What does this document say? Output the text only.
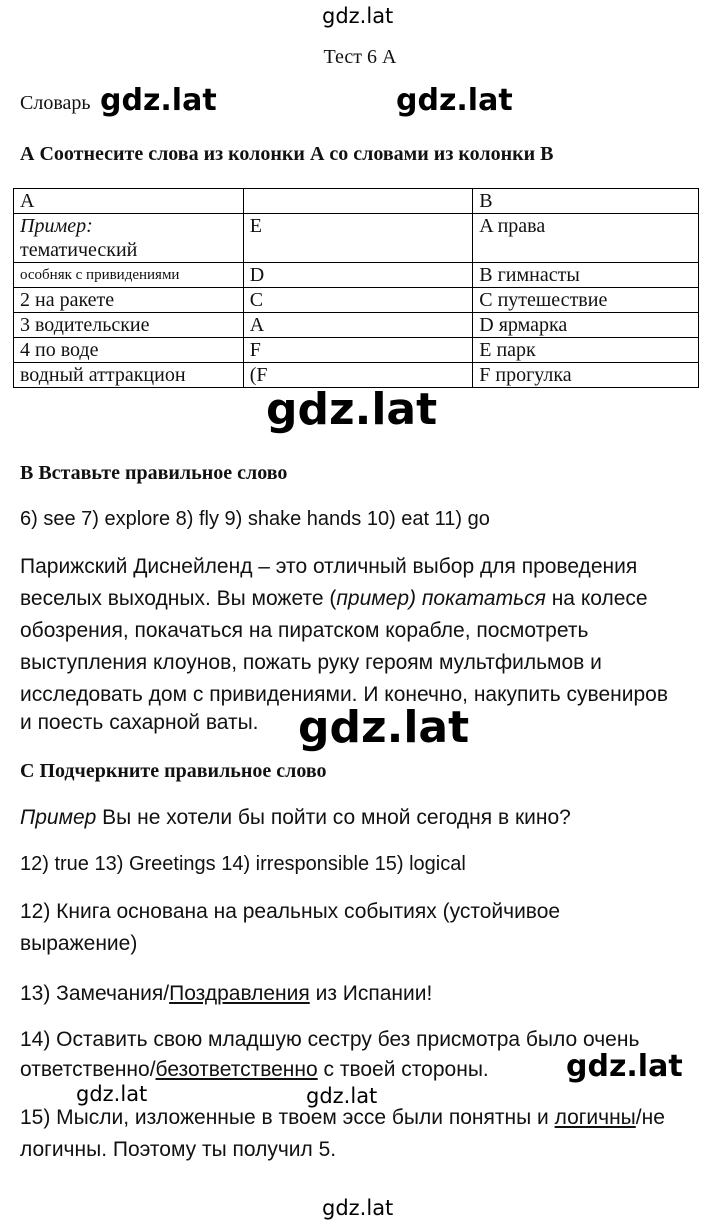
gdz.lat
Тест 6 А
Словарь gdz.lat	gdz.lat
А Соотнесите слова из колонки А со словами из колонки В
А		В
Пример:
тематический	E	A права
особняк с привидениями	D	B гимнасты
2 на ракете	C	C путешествие
3 водительские	A	D ярмарка
4 по воде	F	E парк
водный аттракцион	(F	F прогулка
gdz.lat
В Вставьте правильное слово
6) see 7) explore 8) fly 9) shake hands 10) eat 11) go
Парижский Диснейленд – это отличный выбор для проведения
веселых выходных. Вы можете (пример) покататься на колесе
обозрения, покачаться на пиратском корабле, посмотреть
выступления клоунов, пожать руку героям мультфильмов и
исследовать дом с привидениями. И конечно, накупить сувениров
и поесть сахарной ваты. gdz.lat
С Подчеркните правильное слово
Пример Вы не хотели бы пойти со мной сегодня в кино?
12) true 13) Greetings 14) irresponsible 15) logical
12) Книга основана на реальных событиях (устойчивое
выражение)
13) Замечания/Поздравления из Испании!
14) Оставить свою младшую сестру без присмотра было очень
ответственно/безответственно с твоей стороны.	gdz.lat
gdz.lat	gdz.lat
15) Мысли, изложенные в твоем эссе были понятны и логичны/не
логичны. Поэтому ты получил 5.
gdz.lat
